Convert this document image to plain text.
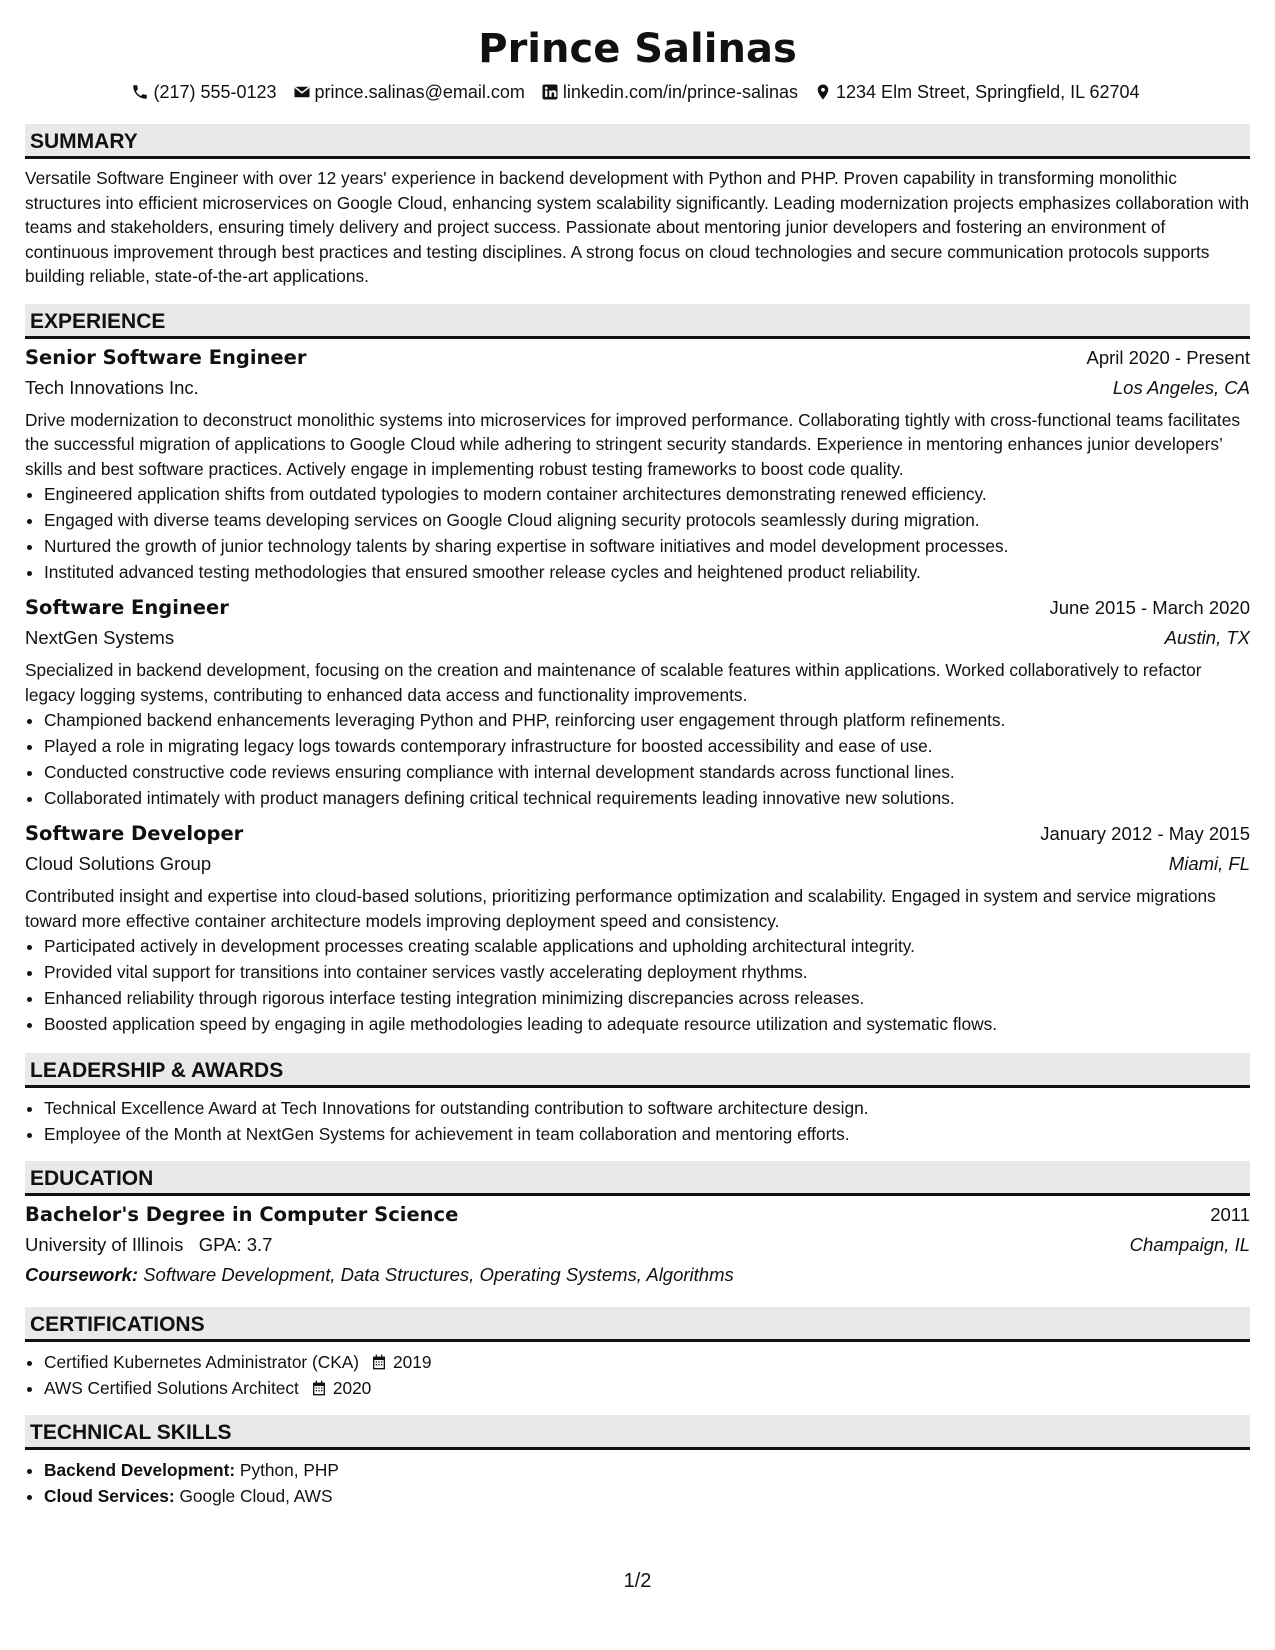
Prince Salinas
(217) 555-0123 prince.salinas@email.com linkedin.com/in/prince-salinas 1234 Elm Street, Springfield, IL 62704
SUMMARY

Versatile Software Engineer with over 12 years' experience in backend development with Python and PHP. Proven capability in transforming monolithic structures into efficient microservices on Google Cloud, enhancing system scalability significantly. Leading modernization projects emphasizes collaboration with teams and stakeholders, ensuring timely delivery and project success. Passionate about mentoring junior developers and fostering an environment of continuous improvement through best practices and testing disciplines. A strong focus on cloud technologies and secure communication protocols supports building reliable, state-of-the-art applications.

EXPERIENCE
Senior Software Engineer	April 2020 - Present
Tech Innovations Inc.	Los Angeles, CA

Drive modernization to deconstruct monolithic systems into microservices for improved performance. Collaborating tightly with cross-functional teams facilitates the successful migration of applications to Google Cloud while adhering to stringent security standards. Experience in mentoring enhances junior developers’ skills and best software practices. Actively engage in implementing robust testing frameworks to boost code quality.

• Engineered application shifts from outdated typologies to modern container architectures demonstrating renewed efficiency.
• Engaged with diverse teams developing services on Google Cloud aligning security protocols seamlessly during migration.
• Nurtured the growth of junior technology talents by sharing expertise in software initiatives and model development processes.
• Instituted advanced testing methodologies that ensured smoother release cycles and heightened product reliability.
Software Engineer	June 2015 - March 2020
NextGen Systems	Austin, TX

Specialized in backend development, focusing on the creation and maintenance of scalable features within applications. Worked collaboratively to refactor legacy logging systems, contributing to enhanced data access and functionality improvements.

• Championed backend enhancements leveraging Python and PHP, reinforcing user engagement through platform refinements.
• Played a role in migrating legacy logs towards contemporary infrastructure for boosted accessibility and ease of use.
• Conducted constructive code reviews ensuring compliance with internal development standards across functional lines.
• Collaborated intimately with product managers defining critical technical requirements leading innovative new solutions.
Software Developer	January 2012 - May 2015
Cloud Solutions Group	Miami, FL

Contributed insight and expertise into cloud-based solutions, prioritizing performance optimization and scalability. Engaged in system and service migrations toward more effective container architecture models improving deployment speed and consistency.

• Participated actively in development processes creating scalable applications and upholding architectural integrity.
• Provided vital support for transitions into container services vastly accelerating deployment rhythms.
• Enhanced reliability through rigorous interface testing integration minimizing discrepancies across releases.
• Boosted application speed by engaging in agile methodologies leading to adequate resource utilization and systematic flows.
LEADERSHIP & AWARDS
• Technical Excellence Award at Tech Innovations for outstanding contribution to software architecture design.
• Employee of the Month at NextGen Systems for achievement in team collaboration and mentoring efforts.
EDUCATION
Bachelor's Degree in Computer Science	2011
University of Illinois GPA: 3.7	Champaign, IL
Coursework: Software Development, Data Structures, Operating Systems, Algorithms
CERTIFICATIONS
• Certified Kubernetes Administrator (CKA) 2019
• AWS Certified Solutions Architect 2020
TECHNICAL SKILLS
• Backend Development: Python, PHP
• Cloud Services: Google Cloud, AWS
1/2
